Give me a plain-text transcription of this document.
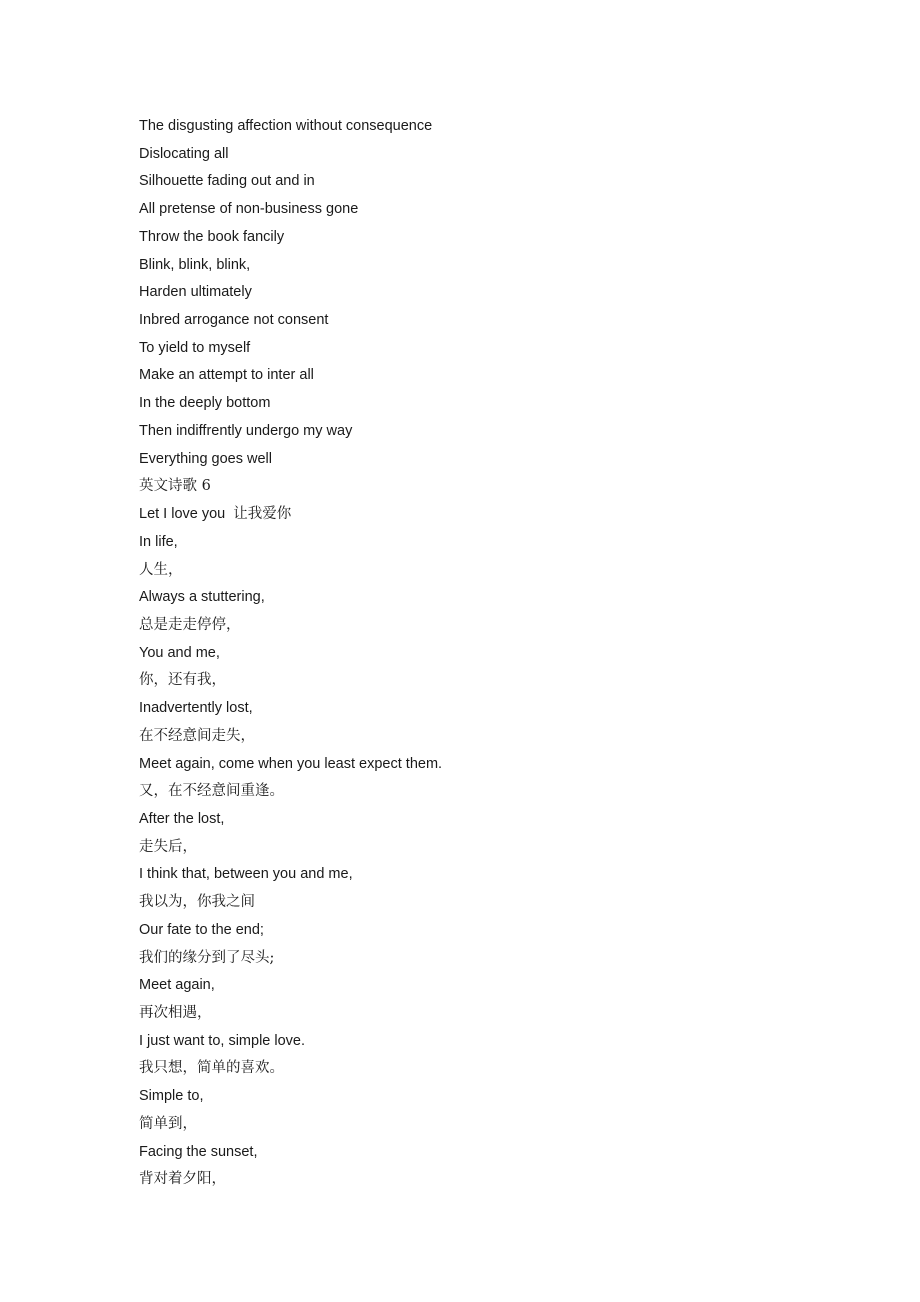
The disgusting affection without consequence
Dislocating all
Silhouette fading out and in
All pretense of non-business gone
Throw the book fancily
Blink, blink, blink,
Harden ultimately
Inbred arrogance not consent
To yield to myself
Make an attempt to inter all
In the deeply bottom
Then indiffrently undergo my way
Everything goes well
英文诗歌 6
Let I love you  让我爱你
In life,
人生，
Always a stuttering,
总是走走停停，
You and me,
你，还有我，
Inadvertently lost,
在不经意间走失，
Meet again, come when you least expect them.
又，在不经意间重逢。
After the lost,
走失后，
I think that, between you and me,
我以为，你我之间
Our fate to the end;
我们的缘分到了尽头;
Meet again,
再次相遇，
I just want to, simple love.
我只想，简单的喜欢。
Simple to,
简单到，
Facing the sunset,
背对着夕阳，
